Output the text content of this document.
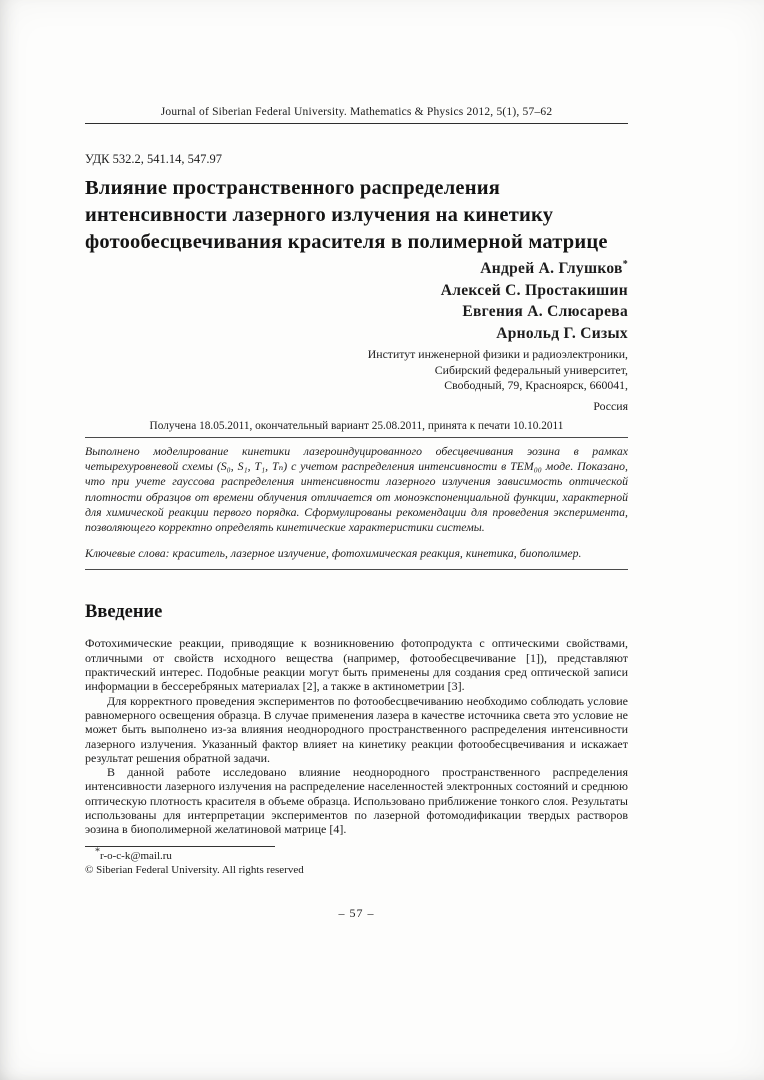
Journal of Siberian Federal University. Mathematics & Physics 2012, 5(1), 57–62
УДК 532.2, 541.14, 547.97
Влияние пространственного распределения интенсивности лазерного излучения на кинетику фотообесцвечивания красителя в полимерной матрице
Андрей А. Глушков*
Алексей С. Простакишин
Евгения А. Слюсарева
Арнольд Г. Сизых
Институт инженерной физики и радиоэлектроники,
Сибирский федеральный университет,
Свободный, 79, Красноярск, 660041,
Россия
Получена 18.05.2011, окончательный вариант 25.08.2011, принята к печати 10.10.2011
Выполнено моделирование кинетики лазероиндуцированного обесцвечивания эозина в рамках четырехуровневой схемы (S₀, S₁, T₁, Tₙ) с учетом распределения интенсивности в TEM₀₀ моде. Показано, что при учете гауссова распределения интенсивности лазерного излучения зависимость оптической плотности образцов от времени облучения отличается от моноэкспоненциальной функции, характерной для химической реакции первого порядка. Сформулированы рекомендации для проведения эксперимента, позволяющего корректно определять кинетические характеристики системы.
Ключевые слова: краситель, лазерное излучение, фотохимическая реакция, кинетика, биополимер.
Введение

Фотохимические реакции, приводящие к возникновению фотопродукта с оптическими свойствами, отличными от свойств исходного вещества (например, фотообесцвечивание [1]), представляют практический интерес. Подобные реакции могут быть применены для создания сред оптической записи информации в бессеребряных материалах [2], а также в актинометрии [3].

Для корректного проведения экспериментов по фотообесцвечиванию необходимо соблюдать условие равномерного освещения образца. В случае применения лазера в качестве источника света это условие не может быть выполнено из-за влияния неоднородного пространственного распределения интенсивности лазерного излучения. Указанный фактор влияет на кинетику реакции фотообесцвечивания и искажает результат решения обратной задачи.

В данной работе исследовано влияние неоднородного пространственного распределения интенсивности лазерного излучения на распределение населенностей электронных состояний и среднюю оптическую плотность красителя в объеме образца. Использовано приближение тонкого слоя. Результаты использованы для интерпретации экспериментов по лазерной фотомодификации твердых растворов эозина в биополимерной желатиновой матрице [4].

*r-o-c-k@mail.ru
© Siberian Federal University. All rights reserved
– 57 –
